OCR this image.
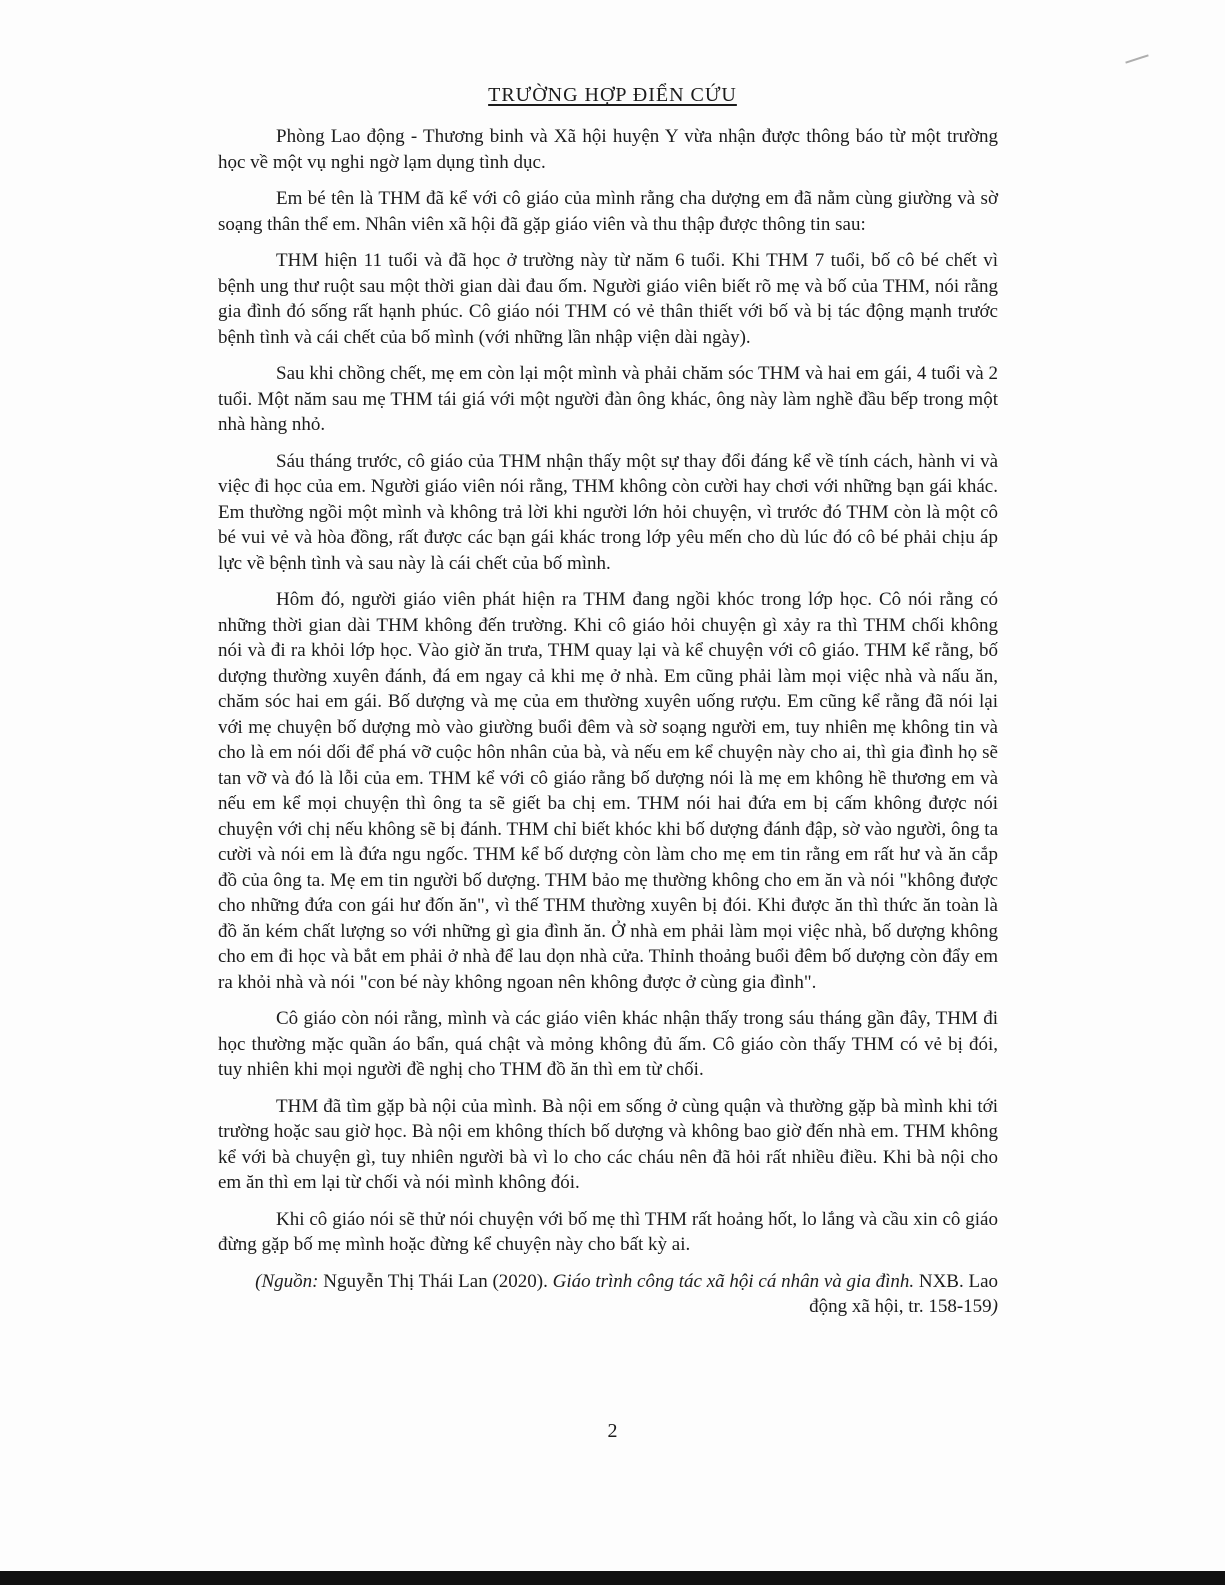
TRƯỜNG HỢP ĐIỂN CỨU

Phòng Lao động - Thương binh và Xã hội huyện Y vừa nhận được thông báo từ một trường học về một vụ nghi ngờ lạm dụng tình dục.

Em bé tên là THM đã kể với cô giáo của mình rằng cha dượng em đã nằm cùng giường và sờ soạng thân thể em. Nhân viên xã hội đã gặp giáo viên và thu thập được thông tin sau:

THM hiện 11 tuổi và đã học ở trường này từ năm 6 tuổi. Khi THM 7 tuổi, bố cô bé chết vì bệnh ung thư ruột sau một thời gian dài đau ốm. Người giáo viên biết rõ mẹ và bố của THM, nói rằng gia đình đó sống rất hạnh phúc. Cô giáo nói THM có vẻ thân thiết với bố và bị tác động mạnh trước bệnh tình và cái chết của bố mình (với những lần nhập viện dài ngày).

Sau khi chồng chết, mẹ em còn lại một mình và phải chăm sóc THM và hai em gái, 4 tuổi và 2 tuổi. Một năm sau mẹ THM tái giá với một người đàn ông khác, ông này làm nghề đầu bếp trong một nhà hàng nhỏ.

Sáu tháng trước, cô giáo của THM nhận thấy một sự thay đổi đáng kể về tính cách, hành vi và việc đi học của em. Người giáo viên nói rằng, THM không còn cười hay chơi với những bạn gái khác. Em thường ngồi một mình và không trả lời khi người lớn hỏi chuyện, vì trước đó THM còn là một cô bé vui vẻ và hòa đồng, rất được các bạn gái khác trong lớp yêu mến cho dù lúc đó cô bé phải chịu áp lực về bệnh tình và sau này là cái chết của bố mình.

Hôm đó, người giáo viên phát hiện ra THM đang ngồi khóc trong lớp học. Cô nói rằng có những thời gian dài THM không đến trường. Khi cô giáo hỏi chuyện gì xảy ra thì THM chối không nói và đi ra khỏi lớp học. Vào giờ ăn trưa, THM quay lại và kể chuyện với cô giáo. THM kể rằng, bố dượng thường xuyên đánh, đá em ngay cả khi mẹ ở nhà. Em cũng phải làm mọi việc nhà và nấu ăn, chăm sóc hai em gái. Bố dượng và mẹ của em thường xuyên uống rượu. Em cũng kể rằng đã nói lại với mẹ chuyện bố dượng mò vào giường buổi đêm và sờ soạng người em, tuy nhiên mẹ không tin và cho là em nói dối để phá vỡ cuộc hôn nhân của bà, và nếu em kể chuyện này cho ai, thì gia đình họ sẽ tan vỡ và đó là lỗi của em. THM kể với cô giáo rằng bố dượng nói là mẹ em không hề thương em và nếu em kể mọi chuyện thì ông ta sẽ giết ba chị em. THM nói hai đứa em bị cấm không được nói chuyện với chị nếu không sẽ bị đánh. THM chỉ biết khóc khi bố dượng đánh đập, sờ vào người, ông ta cười và nói em là đứa ngu ngốc. THM kể bố dượng còn làm cho mẹ em tin rằng em rất hư và ăn cắp đồ của ông ta. Mẹ em tin người bố dượng. THM bảo mẹ thường không cho em ăn và nói "không được cho những đứa con gái hư đốn ăn", vì thế THM thường xuyên bị đói. Khi được ăn thì thức ăn toàn là đồ ăn kém chất lượng so với những gì gia đình ăn. Ở nhà em phải làm mọi việc nhà, bố dượng không cho em đi học và bắt em phải ở nhà để lau dọn nhà cửa. Thỉnh thoảng buổi đêm bố dượng còn đẩy em ra khỏi nhà và nói "con bé này không ngoan nên không được ở cùng gia đình".

Cô giáo còn nói rằng, mình và các giáo viên khác nhận thấy trong sáu tháng gần đây, THM đi học thường mặc quần áo bẩn, quá chật và mỏng không đủ ấm. Cô giáo còn thấy THM có vẻ bị đói, tuy nhiên khi mọi người đề nghị cho THM đồ ăn thì em từ chối.

THM đã tìm gặp bà nội của mình. Bà nội em sống ở cùng quận và thường gặp bà mình khi tới trường hoặc sau giờ học. Bà nội em không thích bố dượng và không bao giờ đến nhà em. THM không kể với bà chuyện gì, tuy nhiên người bà vì lo cho các cháu nên đã hỏi rất nhiều điều. Khi bà nội cho em ăn thì em lại từ chối và nói mình không đói.

Khi cô giáo nói sẽ thử nói chuyện với bố mẹ thì THM rất hoảng hốt, lo lắng và cầu xin cô giáo đừng gặp bố mẹ mình hoặc đừng kể chuyện này cho bất kỳ ai.

(Nguồn: Nguyễn Thị Thái Lan (2020). Giáo trình công tác xã hội cá nhân và gia đình. NXB. Lao động xã hội, tr. 158-159)

2
